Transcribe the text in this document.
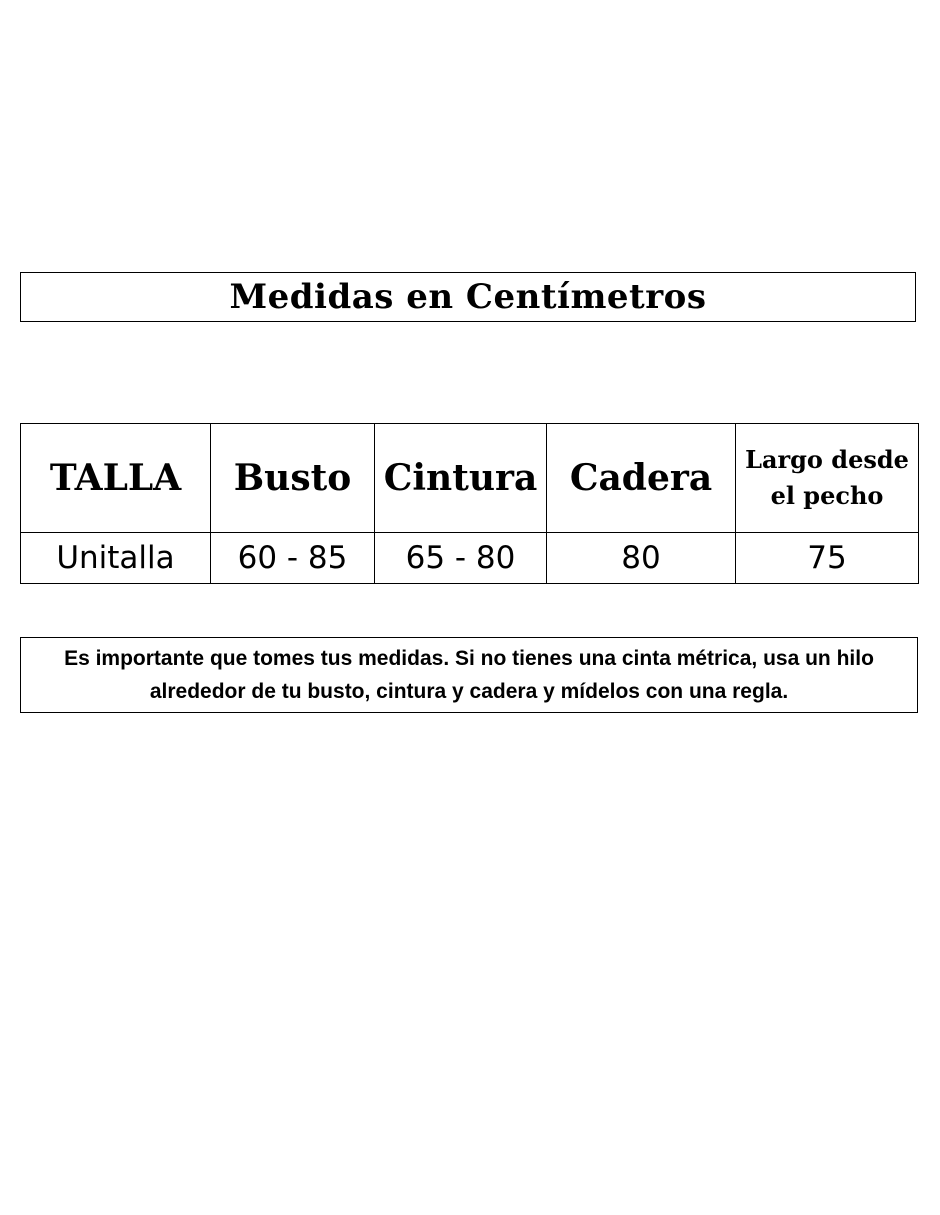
Medidas en Centímetros
TALLA	Busto	Cintura	Cadera	Largo desde
el pecho
Unitalla	60 - 85	65 - 80	80	75

Es importante que tomes tus medidas. Si no tienes una cinta métrica, usa un hilo
alrededor de tu busto, cintura y cadera y mídelos con una regla.
